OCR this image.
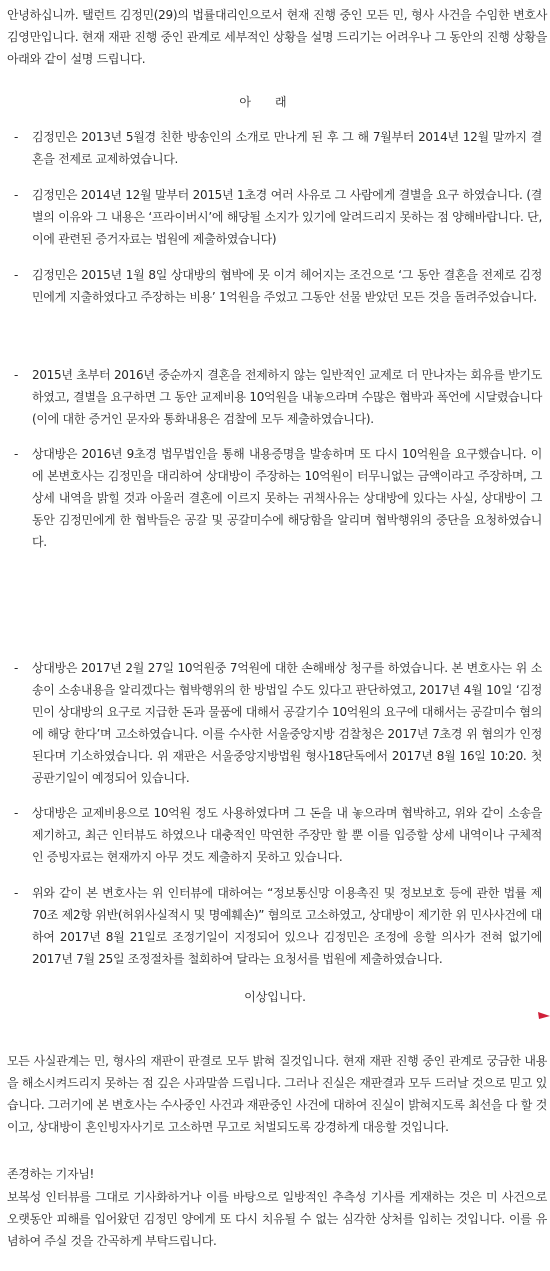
안녕하십니까. 탤런트 김정민(29)의 법률대리인으로서 현재 진행 중인 모든 민, 형사 사건을 수임한 변호사 김영만입니다. 현재 재판 진행 중인 관계로 세부적인 상황을 설명 드리기는 어려우나 그 동안의 진행 상황을 아래와 같이 설명 드립니다.

아래
- 김정민은 2013년 5월경 친한 방송인의 소개로 만나게 된 후 그 해 7월부터 2014년 12월 말까지 결혼을 전제로 교제하였습니다.
- 김정민은 2014년 12월 말부터 2015년 1초경 여러 사유로 그 사람에게 결별을 요구 하였습니다. (결별의 이유와 그 내용은 ‘프라이버시’에 해당될 소지가 있기에 알려드리지 못하는 점 양해바랍니다. 단, 이에 관련된 증거자료는 법원에 제출하였습니다)
- 김정민은 2015년 1월 8일 상대방의 협박에 못 이겨 헤어지는 조건으로 ‘그 동안 결혼을 전제로 김정민에게 지출하였다고 주장하는 비용’ 1억원을 주었고 그동안 선물 받았던 모든 것을 돌려주었습니다.
- 2015년 초부터 2016년 중순까지 결혼을 전제하지 않는 일반적인 교제로 더 만나자는 회유를 받기도 하였고, 결별을 요구하면 그 동안 교제비용 10억원을 내놓으라며 수많은 협박과 폭언에 시달렸습니다(이에 대한 증거인 문자와 통화내용은 검찰에 모두 제출하였습니다).
- 상대방은 2016년 9초경 법무법인을 통해 내용증명을 발송하며 또 다시 10억원을 요구했습니다. 이에 본변호사는 김정민을 대리하여 상대방이 주장하는 10억원이 터무니없는 금액이라고 주장하며, 그 상세 내역을 밝힐 것과 아울러 결혼에 이르지 못하는 귀책사유는 상대방에 있다는 사실, 상대방이 그 동안 김정민에게 한 협박들은 공갈 및 공갈미수에 해당함을 알리며 협박행위의 중단을 요청하였습니다.
- 상대방은 2017년 2월 27일 10억원중 7억원에 대한 손해배상 청구를 하였습니다. 본 변호사는 위 소송이 소송내용을 알리겠다는 협박행위의 한 방법일 수도 있다고 판단하였고, 2017년 4월 10일 ‘김정민이 상대방의 요구로 지급한 돈과 물품에 대해서 공갈기수 10억원의 요구에 대해서는 공갈미수 혐의에 해당 한다’며 고소하였습니다. 이를 수사한 서울중앙지방 검찰청은 2017년 7초경 위 혐의가 인정된다며 기소하였습니다. 위 재판은 서울중앙지방법원 형사18단독에서 2017년 8월 16일 10:20. 첫 공판기일이 예정되어 있습니다.
- 상대방은 교제비용으로 10억원 정도 사용하였다며 그 돈을 내 놓으라며 협박하고, 위와 같이 소송을 제기하고, 최근 인터뷰도 하였으나 대충적인 막연한 주장만 할 뿐 이를 입증할 상세 내역이나 구체적인 증빙자료는 현재까지 아무 것도 제출하지 못하고 있습니다.
- 위와 같이 본 변호사는 위 인터뷰에 대하여는 “정보통신망 이용촉진 및 정보보호 등에 관한 법률 제70조 제2항 위반(허위사실적시 및 명예훼손)” 혐의로 고소하였고, 상대방이 제기한 위 민사사건에 대하여 2017년 8월 21일로 조정기일이 지정되어 있으나 김정민은 조정에 응할 의사가 전혀 없기에 2017년 7월 25일 조정절차를 철회하여 달라는 요청서를 법원에 제출하였습니다.
이상입니다.

모든 사실관계는 민, 형사의 재판이 판결로 모두 밝혀 질것입니다. 현재 재판 진행 중인 관계로 궁금한 내용을 해소시켜드리지 못하는 점 깊은 사과말씀 드립니다. 그러나 진실은 재판결과 모두 드러날 것으로 믿고 있습니다. 그러기에 본 변호사는 수사중인 사건과 재판중인 사건에 대하여 진실이 밝혀지도록 최선을 다 할 것이고, 상대방이 혼인빙자사기로 고소하면 무고로 처벌되도록 강경하게 대응할 것입니다.

존경하는 기자님!

보복성 인터뷰를 그대로 기사화하거나 이를 바탕으로 일방적인 추측성 기사를 게재하는 것은 미 사건으로 오랫동안 피해를 입어왔던 김정민 양에게 또 다시 치유될 수 없는 심각한 상처를 입히는 것입니다. 이를 유념하여 주실 것을 간곡하게 부탁드립니다.
